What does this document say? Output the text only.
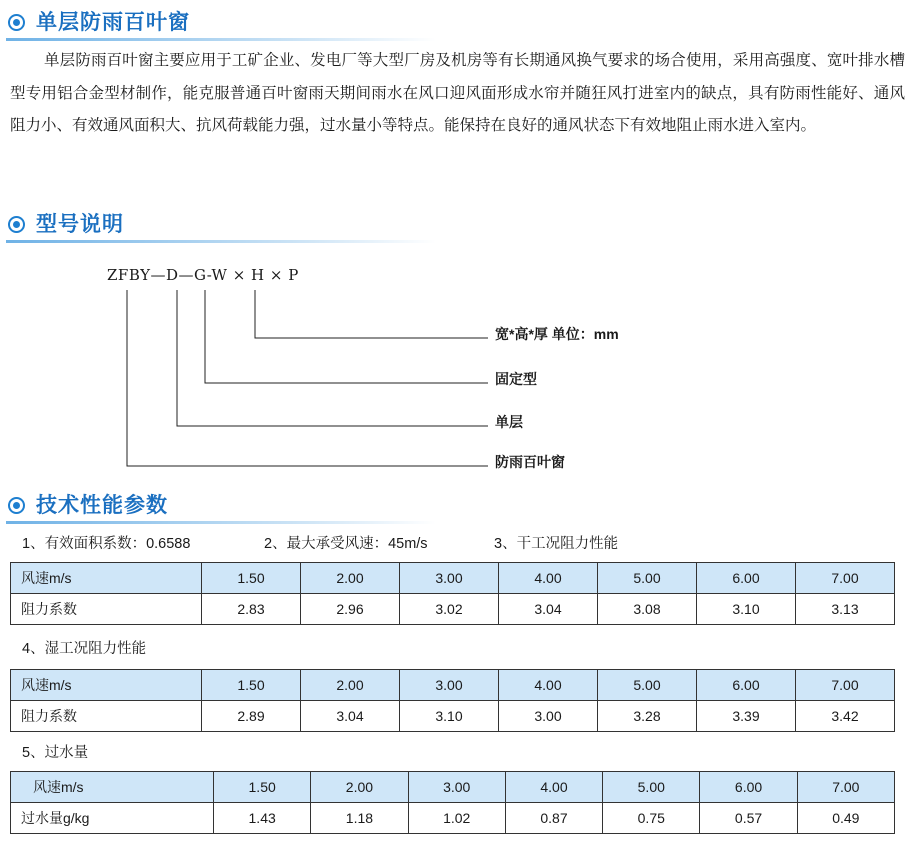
单层防雨百叶窗

单层防雨百叶窗主要应用于工矿企业、发电厂等大型厂房及机房等有长期通风换气要求的场合使用，采用高强度、宽叶排水槽型专用铝合金型材制作，能克服普通百叶窗雨天期间雨水在风口迎风面形成水帘并随狂风打进室内的缺点，具有防雨性能好、通风阻力小、有效通风面积大、抗风荷载能力强，过水量小等特点。能保持在良好的通风状态下有效地阻止雨水进入室内。

型号说明
ZFBY—D—G-W × H × P
宽*高*厚 单位：mm
固定型
单层
防雨百叶窗
技术性能参数
1、有效面积系数：0.6588	2、最大承受风速：45m/s	3、干工况阻力性能
风速m/s	1.50	2.00	3.00	4.00	5.00	6.00	7.00
阻力系数	2.83	2.96	3.02	3.04	3.08	3.10	3.13
4、湿工况阻力性能
风速m/s	1.50	2.00	3.00	4.00	5.00	6.00	7.00
阻力系数	2.89	3.04	3.10	3.00	3.28	3.39	3.42
5、过水量
风速m/s	1.50	2.00	3.00	4.00	5.00	6.00	7.00
过水量g/kg	1.43	1.18	1.02	0.87	0.75	0.57	0.49
